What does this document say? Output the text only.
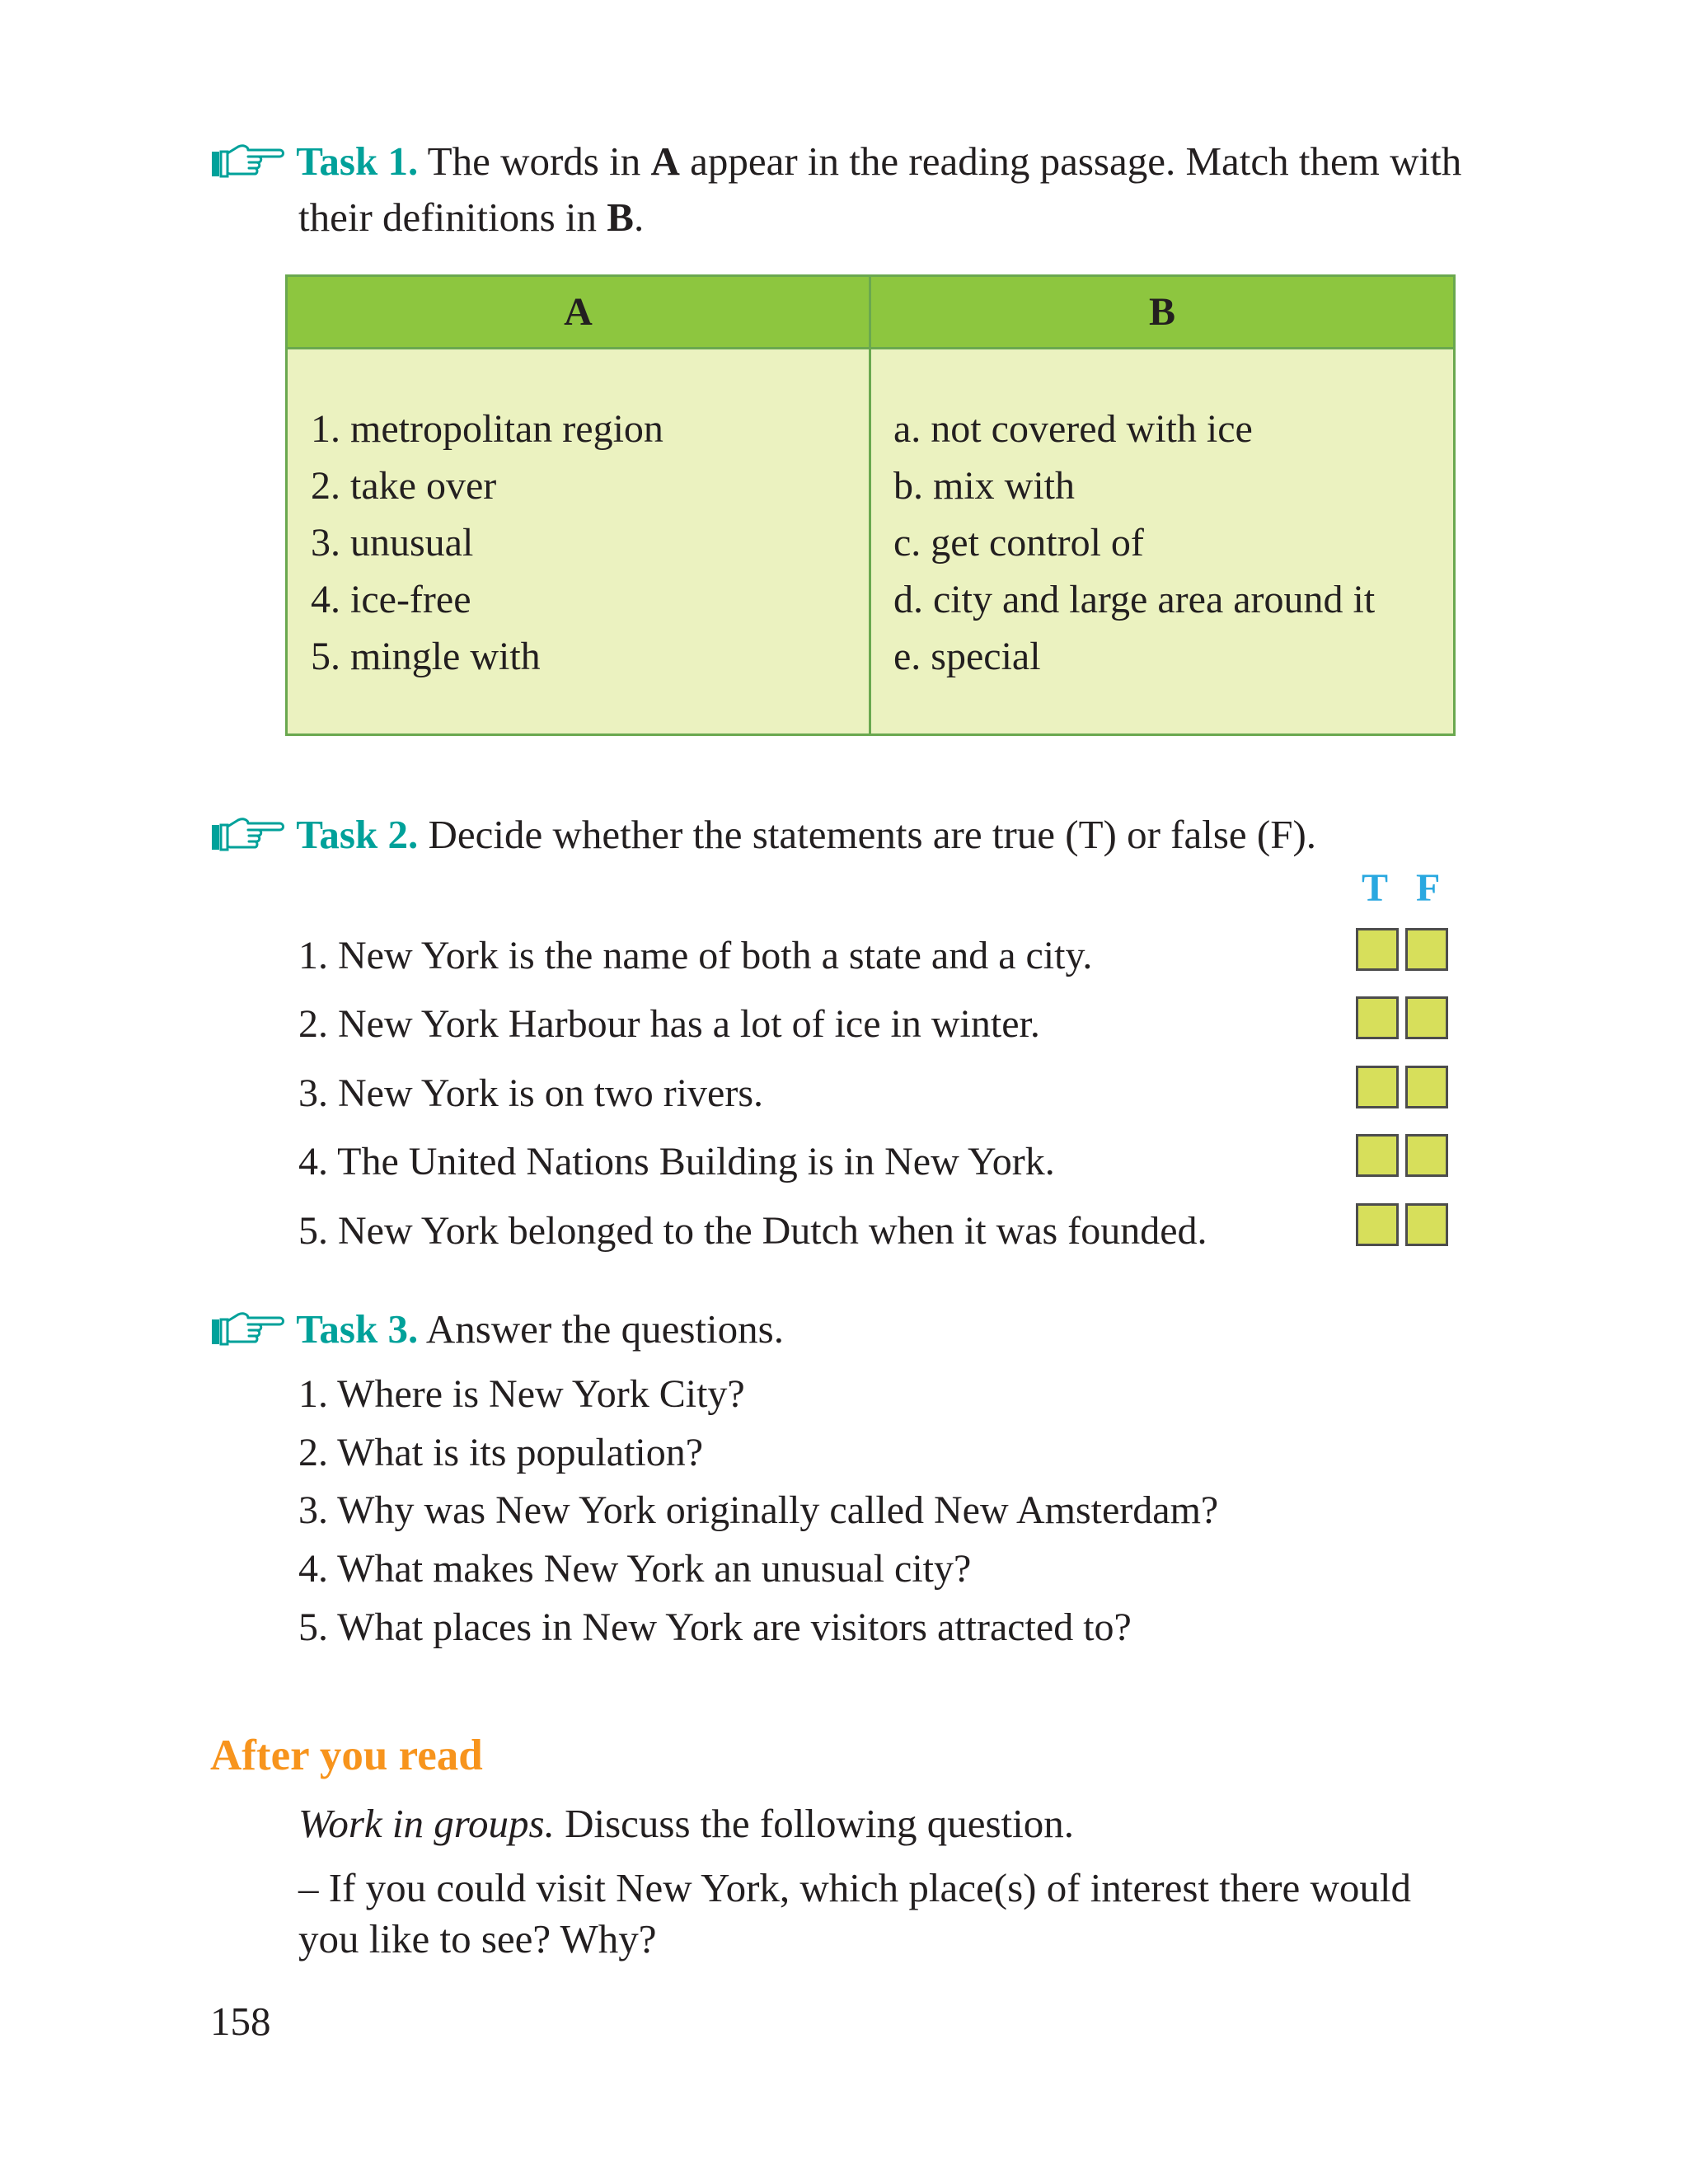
Task 1. The words in A appear in the reading passage. Match them with
their definitions in B.
A	B
1. metropolitan region
2. take over
3. unusual
4. ice-free
5. mingle with
a. not covered with ice
b. mix with
c. get control of
d. city and large area around it
e. special
Task 2. Decide whether the statements are true (T) or false (F).
T F
1. New York is the name of both a state and a city.
2. New York Harbour has a lot of ice in winter.
3. New York is on two rivers.
4. The United Nations Building is in New York.
5. New York belonged to the Dutch when it was founded.
Task 3. Answer the questions.
1. Where is New York City?
2. What is its population?
3. Why was New York originally called New Amsterdam?
4. What makes New York an unusual city?
5. What places in New York are visitors attracted to?
After you read
Work in groups. Discuss the following question.
– If you could visit New York, which place(s) of interest there would
you like to see? Why?
158
